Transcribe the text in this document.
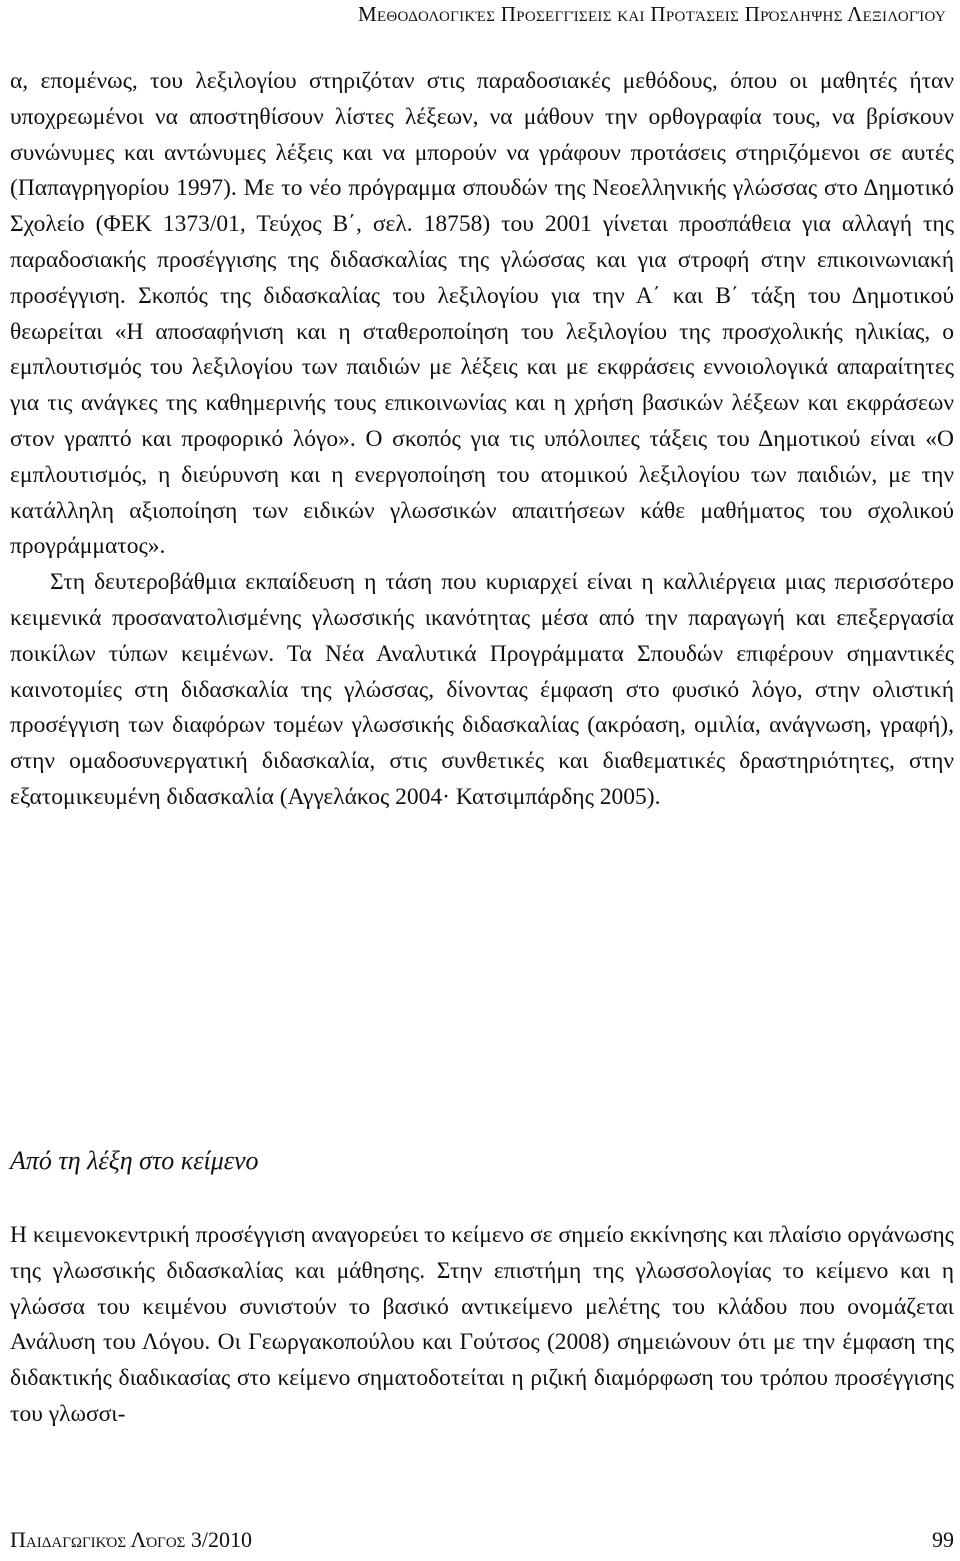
Μεθοδολογικές Προσεγγίσεις και Προτάσεις Πρόσληψης Λεξιλογίου

α, επομένως, του λεξιλογίου στηριζόταν στις παραδοσιακές μεθόδους, όπου οι μαθητές ήταν υποχρεωμένοι να αποστηθίσουν λίστες λέξεων, να μάθουν την ορθογραφία τους, να βρίσκουν συνώνυμες και αντώνυμες λέξεις και να μπορούν να γράφουν προτάσεις στηριζόμενοι σε αυτές (Παπαγρηγορίου 1997). Με το νέο πρόγραμμα σπουδών της Νεοελληνικής γλώσσας στο Δημοτικό Σχολείο (ΦΕΚ 1373/01, Τεύχος Β΄, σελ. 18758) του 2001 γίνεται προσπάθεια για αλλαγή της παραδοσιακής προσέγγισης της διδασκαλίας της γλώσσας και για στροφή στην επικοινωνιακή προσέγγιση. Σκοπός της διδασκαλίας του λεξιλογίου για την Α΄ και Β΄ τάξη του Δημοτικού θεωρείται «Η αποσαφήνιση και η σταθεροποίηση του λεξιλογίου της προσχολικής ηλικίας, ο εμπλουτισμός του λεξιλογίου των παιδιών με λέξεις και με εκφράσεις εννοιολογικά απαραίτητες για τις ανάγκες της καθημερινής τους επικοινωνίας και η χρήση βασικών λέξεων και εκφράσεων στον γραπτό και προφορικό λόγο». Ο σκοπός για τις υπόλοιπες τάξεις του Δημοτικού είναι «Ο εμπλουτισμός, η διεύρυνση και η ενεργοποίηση του ατομικού λεξιλογίου των παιδιών, με την κατάλληλη αξιοποίηση των ειδικών γλωσσικών απαιτήσεων κάθε μαθήματος του σχολικού προγράμματος».

Στη δευτεροβάθμια εκπαίδευση η τάση που κυριαρχεί είναι η καλλιέργεια μιας περισσότερο κειμενικά προσανατολισμένης γλωσσικής ικανότητας μέσα από την παραγωγή και επεξεργασία ποικίλων τύπων κειμένων. Τα Νέα Αναλυτικά Προγράμματα Σπουδών επιφέρουν σημαντικές καινοτομίες στη διδασκαλία της γλώσσας, δίνοντας έμφαση στο φυσικό λόγο, στην ολιστική προσέγγιση των διαφόρων τομέων γλωσσικής διδασκαλίας (ακρόαση, ομιλία, ανάγνωση, γραφή), στην ομαδοσυνεργατική διδασκαλία, στις συνθετικές και διαθεματικές δραστηριότητες, στην εξατομικευμένη διδασκαλία (Αγγελάκος 2004· Κατσιμπάρδης 2005).

Από τη λέξη στο κείμενο

Η κειμενοκεντρική προσέγγιση αναγορεύει το κείμενο σε σημείο εκκίνησης και πλαίσιο οργάνωσης της γλωσσικής διδασκαλίας και μάθησης. Στην επιστήμη της γλωσσολογίας το κείμενο και η γλώσσα του κειμένου συνιστούν το βασικό αντικείμενο μελέτης του κλάδου που ονομάζεται Ανάλυση του Λόγου. Οι Γεωργακοπούλου και Γούτσος (2008) σημειώνουν ότι με την έμφαση της διδακτικής διαδικασίας στο κείμενο σηματοδοτείται η ριζική διαμόρφωση του τρόπου προσέγγισης του γλωσσι-

Παιδαγωγικός Λόγος 3/2010	99
